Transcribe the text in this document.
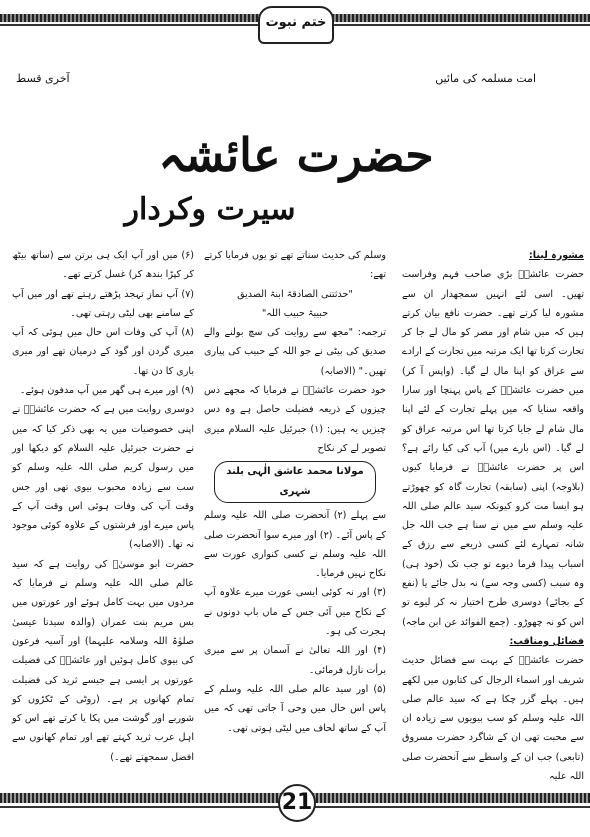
ختم نبوت
امت مسلمہ کی مائیں
آخری قسط
حضرت عائشہ
سیرت وکردار

مشورہ لینا:

حضرت عائشہؓ بڑی صاحب فہم وفراست تھیں۔ اسی لئے انہیں سمجھدار ان سے مشورہ لیا کرتے تھے۔ حضرت نافع بیان کرتے ہیں کہ میں شام اور مصر کو مال لے جا کر تجارت کرتا تھا ایک مرتبہ میں تجارت کے ارادے سے عراق کو اپنا مال لے گیا۔ (واپس آ کر) میں حضرت عائشہؓ کے پاس پہنچا اور سارا واقعہ سنایا کہ میں پہلے تجارت کے لئے اپنا مال شام لے جایا کرتا تھا اس مرتبہ عراق کو لے گیا۔ (اس بارے میں) آپ کی کیا رائے ہے؟ اس پر حضرت عائشہؓ نے فرمایا کیوں (بلاوجہ) اپنی (سابقہ) تجارت گاہ کو چھوڑتے ہو ایسا مت کرو کیونکہ سید عالم صلی اللہ علیہ وسلم سے میں نے سنا ہے جب اللہ جل شانہ تمہارے لئے کسی ذریعے سے رزق کے اسباب پیدا فرما دیوے تو جب تک (خود ہی) وہ سبب (کسی وجہ سے) نہ بدل جائے یا (نفع کے بجائے) دوسری طرح اختیار نہ کر لیوے تو اس کو نہ چھوڑو۔ (جمع الفوائد عن ابن ماجہ)

فضائل ومناقب:

حضرت عائشہؓ کے بہت سے فضائل حدیث شریف اور اسماء الرجال کی کتابوں میں لکھے ہیں۔ پہلے گزر چکا ہے کہ سید عالم صلی اللہ علیہ وسلم کو سب بیویوں سے زیادہ ان سے محبت تھی ان کے شاگرد حضرت مسروق (تابعی) جب ان کے واسطے سے آنحضرت صلی اللہ علیہ

وسلم کی حدیث سناتے تھے تو یوں فرمایا کرتے تھے:

"حدثتنی الصادقۃ ابنۃ الصدیق

حبیبۃ حبیب اللہ"

ترجمہ: "مجھ سے روایت کی سچ بولنے والے صدیق کی بیٹی نے جو اللہ کے حبیب کی پیاری تھیں۔" (الاصابہ)

خود حضرت عائشہؓ نے فرمایا کہ مجھے دس چیزوں کے ذریعہ فضیلت حاصل ہے وہ دس چیزیں یہ ہیں: (۱) جبرئیل علیہ السلام میری تصویر لے کر نکاح

مولانا محمد عاشق الٰہی بلند شہری

سے پہلے (۲) آنحضرت صلی اللہ علیہ وسلم کے پاس آئے۔ (۲) اور میرے سوا آنحضرت صلی اللہ علیہ وسلم نے کسی کنواری عورت سے نکاح نہیں فرمایا۔

(۳) اور نہ کوئی ایسی عورت میرے علاوہ آپ کے نکاح میں آئی جس کے ماں باپ دونوں نے ہجرت کی ہو۔

(۴) اور اللہ تعالیٰ نے آسمان پر سے میری برأت نازل فرمائی۔

(۵) اور سید عالم صلی اللہ علیہ وسلم کے پاس اس حال میں وحی آ جاتی تھی کہ میں آپ کے ساتھ لحاف میں لیٹی ہوتی تھی۔

(۶) میں اور آپ ایک ہی برتن سے (ساتھ بیٹھ کر کپڑا بندھ کر) غسل کرتے تھے۔

(۷) آپ نماز تہجد پڑھتے رہتے تھے اور میں آپ کے سامنے بھی لیٹی رہتی تھی۔

(۸) آپ کی وفات اس حال میں ہوئی کہ آپ میری گردن اور گود کے درمیان تھے اور میری باری کا دن تھا۔

(۹) اور میرے ہی گھر میں آپ مدفون ہوئے۔

دوسری روایت میں ہے کہ حضرت عائشہؓ نے اپنی خصوصیات میں یہ بھی ذکر کیا کہ میں نے حضرت جبرئیل علیہ السلام کو دیکھا اور میں رسول کریم صلی اللہ علیہ وسلم کو سب سے زیادہ محبوب بیوی تھی اور جس وقت آپ کی وفات ہوئی اس وقت آپ کے پاس میرے اور فرشتوں کے علاوہ کوئی موجود نہ تھا۔ (الاصابہ)

حضرت ابو موسیٰؓ کی روایت ہے کہ سید عالم صلی اللہ علیہ وسلم نے فرمایا کہ مردوں میں بہت کامل ہوئے اور عورتوں میں بس مریم بنت عمران (والدہ سیدنا عیسیٰ صلوٰۃ اللہ وسلامہ علیہما) اور آسیہ فرعون کی بیوی کامل ہوئیں اور عائشہؓ کی فضیلت عورتوں پر ایسی ہے جیسے ثرید کی فضیلت تمام کھانوں پر ہے۔ (روٹی کے ٹکڑوں کو شوربے اور گوشت میں پکا یا کرتے تھے اس کو اہل عرب ثرید کہتے تھے اور تمام کھانوں سے افضل سمجھتے تھے۔)

21
